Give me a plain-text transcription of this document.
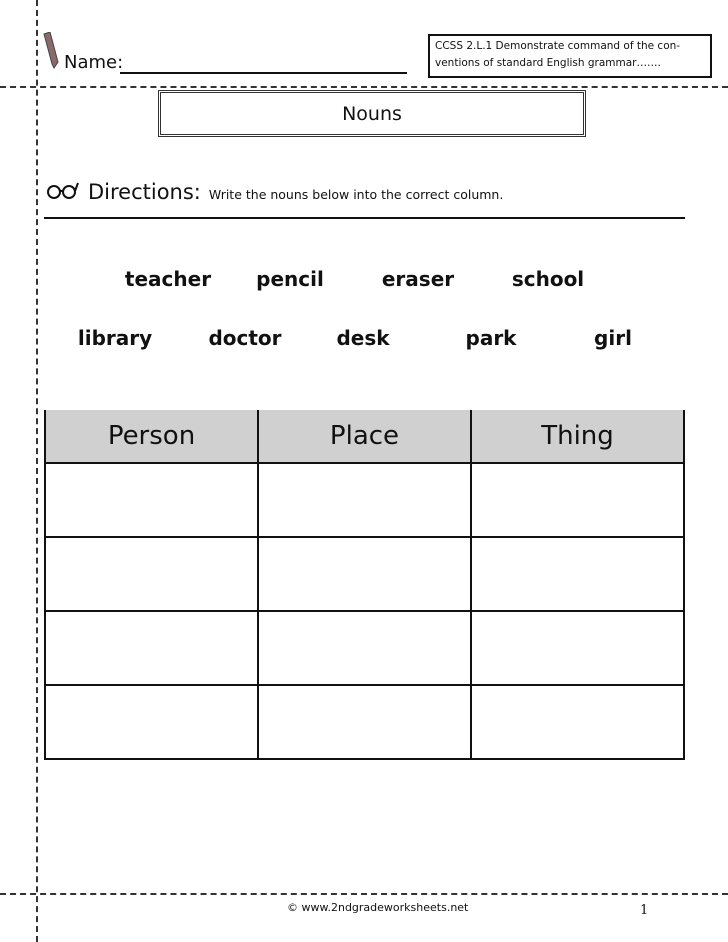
Name:
CCSS 2.L.1 Demonstrate command of the con-ventions of standard English grammar…….
Nouns
Directions: Write the nouns below into the correct column.
teacher pencil	eraser	school
library	doctor	desk	park	girl
Person	Place	Thing

© www.2ndgradeworksheets.net	1
